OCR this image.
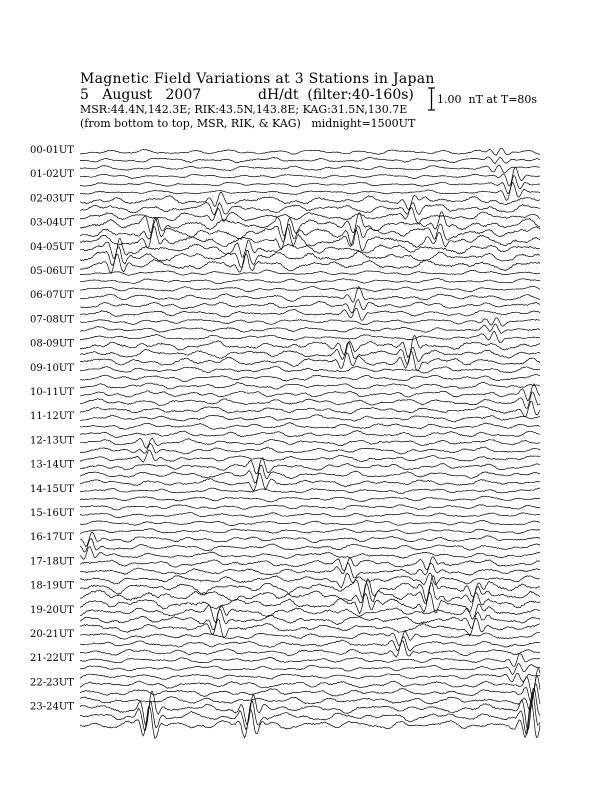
Magnetic Field Variations at 3 Stations in Japan
5   August   2007	dH/dt  (filter:40-160s)
MSR:44.4N,142.3E; RIK:43.5N,143.8E; KAG:31.5N,130.7E
(from bottom to top, MSR, RIK, & KAG)   midnight=1500UT
1.00  nT at T=80s
00-01UT
01-02UT
02-03UT
03-04UT
04-05UT
05-06UT
06-07UT
07-08UT
08-09UT
09-10UT
10-11UT
11-12UT
12-13UT
13-14UT
14-15UT
15-16UT
16-17UT
17-18UT
18-19UT
19-20UT
20-21UT
21-22UT
22-23UT
23-24UT
